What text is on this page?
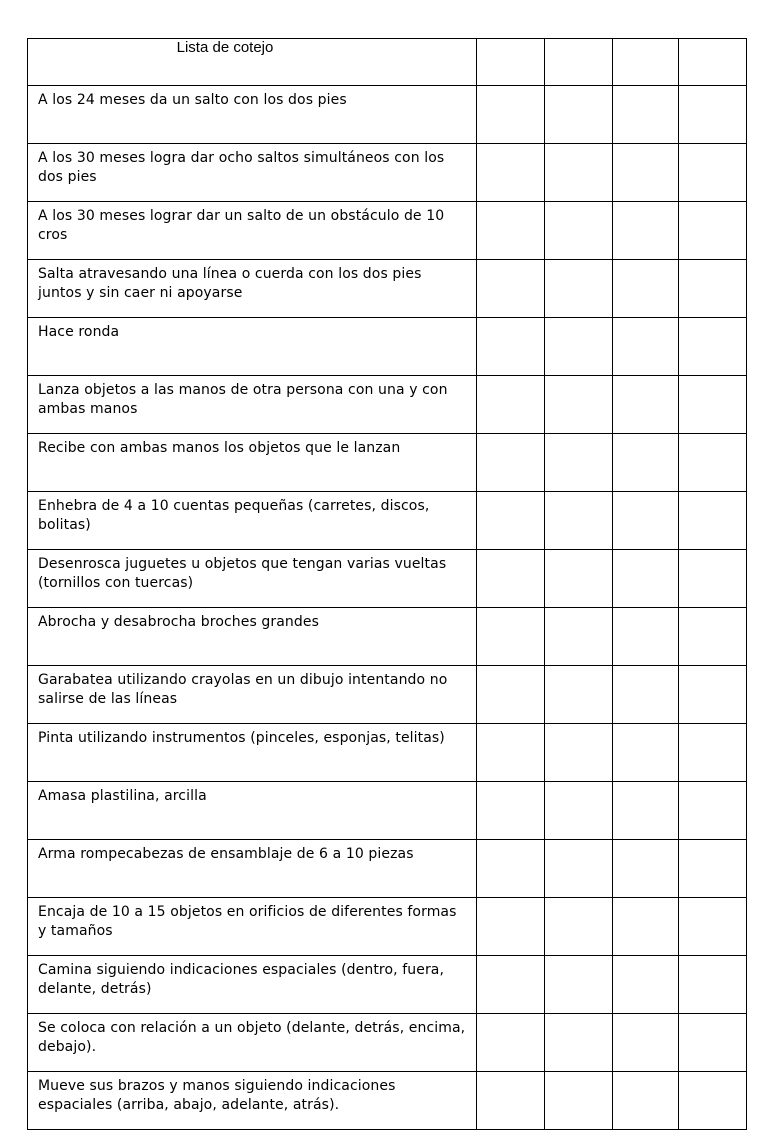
Lista de cotejo				
A los 24 meses da un salto con los dos pies				
A los 30 meses logra dar ocho saltos simultáneos con los dos pies				
A los 30 meses lograr dar un salto de un obstáculo de 10 cros				
Salta atravesando una línea o cuerda con los dos pies juntos y sin caer ni apoyarse				
Hace ronda				
Lanza objetos a las manos de otra persona con una y con ambas manos				
Recibe con ambas manos los objetos que le lanzan				
Enhebra de 4 a 10 cuentas pequeñas (carretes, discos, bolitas)				
Desenrosca juguetes u objetos que tengan varias vueltas (tornillos con tuercas)				
Abrocha y desabrocha broches grandes				
Garabatea utilizando crayolas en un dibujo intentando no salirse de las líneas				
Pinta utilizando instrumentos (pinceles, esponjas, telitas)				
Amasa plastilina, arcilla				
Arma rompecabezas de ensamblaje de 6 a 10 piezas				
Encaja de 10 a 15 objetos en orificios de diferentes formas y tamaños				
Camina siguiendo indicaciones espaciales (dentro, fuera, delante, detrás)				
Se coloca con relación a un objeto (delante, detrás, encima, debajo).				
Mueve sus brazos y manos siguiendo indicaciones espaciales (arriba, abajo, adelante, atrás).				
